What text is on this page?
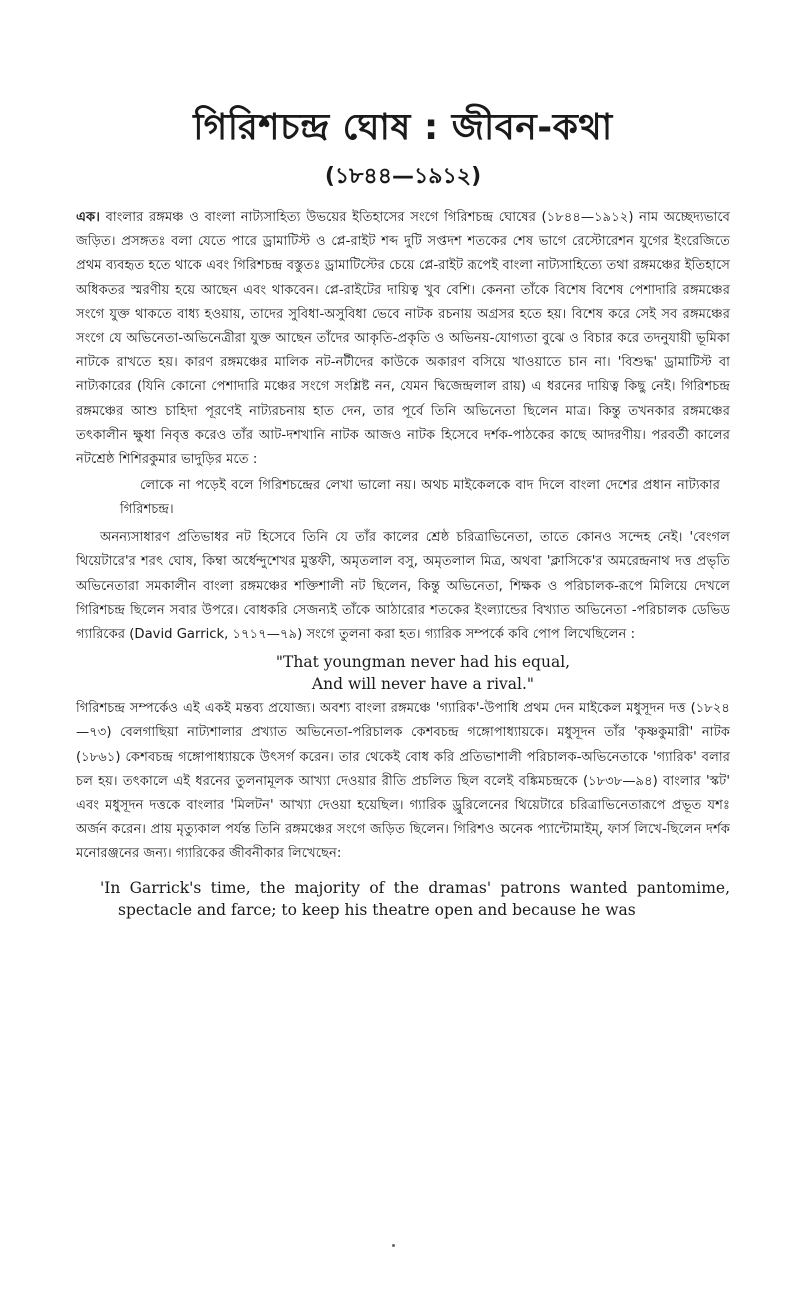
গিরিশচন্দ্র ঘোষ : জীবন-কথা
(১৮৪৪—১৯১২)

এক। বাংলার রঙ্গমঞ্চ ও বাংলা নাট্যসাহিত্য উভয়ের ইতিহাসের সংগে গিরিশচন্দ্র ঘোষের (১৮৪৪—১৯১২) নাম অচ্ছেদ্যভাবে জড়িত। প্রসঙ্গতঃ বলা যেতে পারে ড্রামাটিস্ট ও প্লে-রাইট শব্দ দুটি সপ্তদশ শতকের শেষ ভাগে রেস্টোরেশন যুগের ইংরেজিতে প্রথম ব্যবহৃত হতে থাকে এবং গিরিশচন্দ্র বস্তুতঃ ড্রামাটিস্টের চেয়ে প্লে-রাইট রূপেই বাংলা নাট্যসাহিত্যে তথা রঙ্গমঞ্চের ইতিহাসে অধিকতর স্মরণীয় হয়ে আছেন এবং থাকবেন। প্লে-রাইটের দায়িত্ব খুব বেশি। কেননা তাঁকে বিশেষ বিশেষ পেশাদারি রঙ্গমঞ্চের সংগে যুক্ত থাকতে বাধ্য হওয়ায়, তাদের সুবিধা-অসুবিধা ভেবে নাটক রচনায় অগ্রসর হতে হয়। বিশেষ করে সেই সব রঙ্গমঞ্চের সংগে যে অভিনেতা-অভিনেত্রীরা যুক্ত আছেন তাঁদের আকৃতি-প্রকৃতি ও অভিনয়-যোগ্যতা বুঝে ও বিচার করে তদনুযায়ী ভূমিকা নাটকে রাখতে হয়। কারণ রঙ্গমঞ্চের মালিক নট-নটীদের কাউকে অকারণ বসিয়ে খাওয়াতে চান না। 'বিশুদ্ধ' ড্রামাটিস্ট বা নাট্যকারের (যিনি কোনো পেশাদারি মঞ্চের সংগে সংশ্লিষ্ট নন, যেমন দ্বিজেন্দ্রলাল রায়) এ ধরনের দায়িত্ব কিছু নেই। গিরিশচন্দ্র রঙ্গমঞ্চের আশু চাহিদা পূরণেই নাট্যরচনায় হাত দেন, তার পূর্বে তিনি অভিনেতা ছিলেন মাত্র। কিন্তু তখনকার রঙ্গমঞ্চের তৎকালীন ক্ষুধা নিবৃত্ত করেও তাঁর আট-দশখানি নাটক আজও নাটক হিসেবে দর্শক-পাঠকের কাছে আদরণীয়। পরবর্তী কালের নটশ্রেষ্ঠ শিশিরকুমার ভাদুড়ির মতে :

লোকে না পড়েই বলে গিরিশচন্দ্রের লেখা ভালো নয়। অথচ মাইকেলকে বাদ দিলে বাংলা দেশের প্রধান নাট্যকার গিরিশচন্দ্র।

অনন্যসাধারণ প্রতিভাধর নট হিসেবে তিনি যে তাঁর কালের শ্রেষ্ঠ চরিত্রাভিনেতা, তাতে কোনও সন্দেহ নেই। 'বেংগল থিয়েটারে'র শরৎ ঘোষ, কিম্বা অর্ধেন্দুশেখর মুস্তফী, অমৃতলাল বসু, অমৃতলাল মিত্র, অথবা 'ক্লাসিকে'র অমরেন্দ্রনাথ দত্ত প্রভৃতি অভিনেতারা সমকালীন বাংলা রঙ্গমঞ্চের শক্তিশালী নট ছিলেন, কিন্তু অভিনেতা, শিক্ষক ও পরিচালক-রূপে মিলিয়ে দেখলে গিরিশচন্দ্র ছিলেন সবার উপরে। বোধকরি সেজন্যই তাঁকে আঠারোর শতকের ইংল্যান্ডের বিখ্যাত অভিনেতা -পরিচালক ডেভিড গ্যারিকের (David Garrick, ১৭১৭—৭৯) সংগে তুলনা করা হত। গ্যারিক সম্পর্কে কবি পোপ লিখেছিলেন :

"That youngman never had his equal,
And will never have a rival."

গিরিশচন্দ্র সম্পর্কেও এই একই মন্তব্য প্রযোজ্য। অবশ্য বাংলা রঙ্গমঞ্চে 'গ্যারিক'-উপাধি প্রথম দেন মাইকেল মধুসূদন দত্ত (১৮২৪—৭৩) বেলগাছিয়া নাট্যশালার প্রখ্যাত অভিনেতা-পরিচালক কেশবচন্দ্র গঙ্গোপাধ্যায়কে। মধুসূদন তাঁর 'কৃষ্ণকুমারী' নাটক (১৮৬১) কেশবচন্দ্র গঙ্গোপাধ্যায়কে উৎসর্গ করেন। তার থেকেই বোধ করি প্রতিভাশালী পরিচালক-অভিনেতাকে 'গ্যারিক' বলার চল হয়। তৎকালে এই ধরনের তুলনামূলক আখ্যা দেওয়ার রীতি প্রচলিত ছিল বলেই বঙ্কিমচন্দ্রকে (১৮৩৮—৯৪) বাংলার 'স্কট' এবং মধুসূদন দত্তকে বাংলার 'মিলটন' আখ্যা দেওয়া হয়েছিল। গ্যারিক ড্রুরিলেনের থিয়েটারে চরিত্রাভিনেতারূপে প্রভূত যশঃ অর্জন করেন। প্রায় মৃত্যুকাল পর্যন্ত তিনি রঙ্গমঞ্চের সংগে জড়িত ছিলেন। গিরিশও অনেক প্যান্টোমাইম্, ফার্স লিখে-ছিলেন দর্শক মনোরঞ্জনের জন্য। গ্যারিকের জীবনীকার লিখেছেন:

'In Garrick's time, the majority of the dramas' patrons wanted pantomime, spectacle and farce; to keep his theatre open and because he was
